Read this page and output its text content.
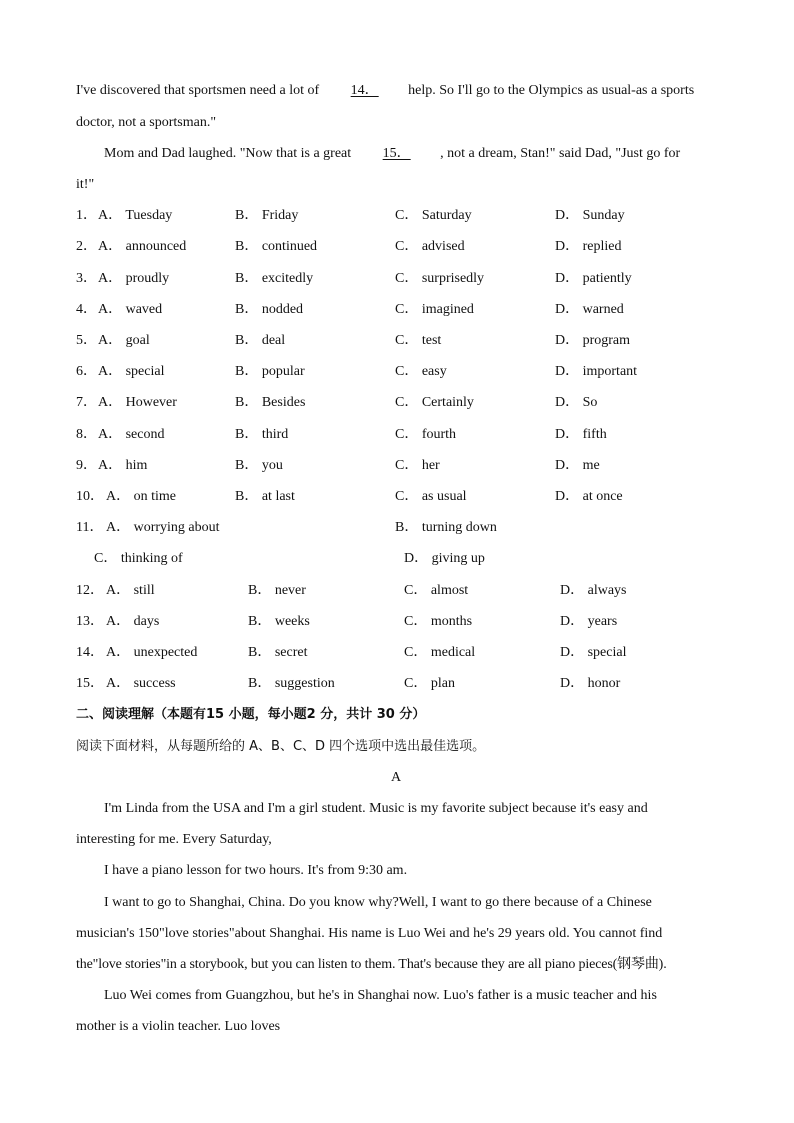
I've discovered that sportsmen need a lot of 14． help. So I'll go to the Olympics as usual-as a sports
doctor, not a sportsman."
Mom and Dad laughed. "Now that is a great 15． , not a dream, Stan!" said Dad, "Just go for
it!"
1． A． Tuesday	B． Friday	C． Saturday	D． Sunday
2． A． announced	B． continued	C． advised	D． replied
3． A． proudly	B． excitedly	C． surprisedly	D． patiently
4． A． waved	B． nodded	C． imagined	D． warned
5． A． goal	B． deal	C． test	D． program
6． A． special	B． popular	C． easy	D． important
7． A． However	B． Besides	C． Certainly	D． So
8． A． second	B． third	C． fourth	D． fifth
9． A． him	B． you	C． her	D． me
10． A． on time	B． at last	C． as usual	D． at once
11． A． worrying about	B． turning down
C． thinking of	D． giving up
12． A． still	B． never	C． almost	D． always
13． A． days	B． weeks	C． months	D． years
14． A． unexpected	B． secret	C． medical	D． special
15． A． success	B． suggestion	C． plan	D． honor
二、阅读理解（本题有15 小题，每小题2 分，共计 30 分）
阅读下面材料，从每题所给的 A、B、C、D 四个选项中选出最佳选项。
A
I'm Linda from the USA and I'm a girl student. Music is my favorite subject because it's easy and
interesting for me. Every Saturday,
I have a piano lesson for two hours. It's from 9:30 am.
I want to go to Shanghai, China. Do you know why?Well, I want to go there because of a Chinese
musician's 150"love stories"about Shanghai. His name is Luo Wei and he's 29 years old. You cannot find
the"love stories"in a storybook, but you can listen to them. That's because they are all piano pieces(钢琴曲).
Luo Wei comes from Guangzhou, but he's in Shanghai now. Luo's father is a music teacher and his
mother is a violin teacher. Luo loves
